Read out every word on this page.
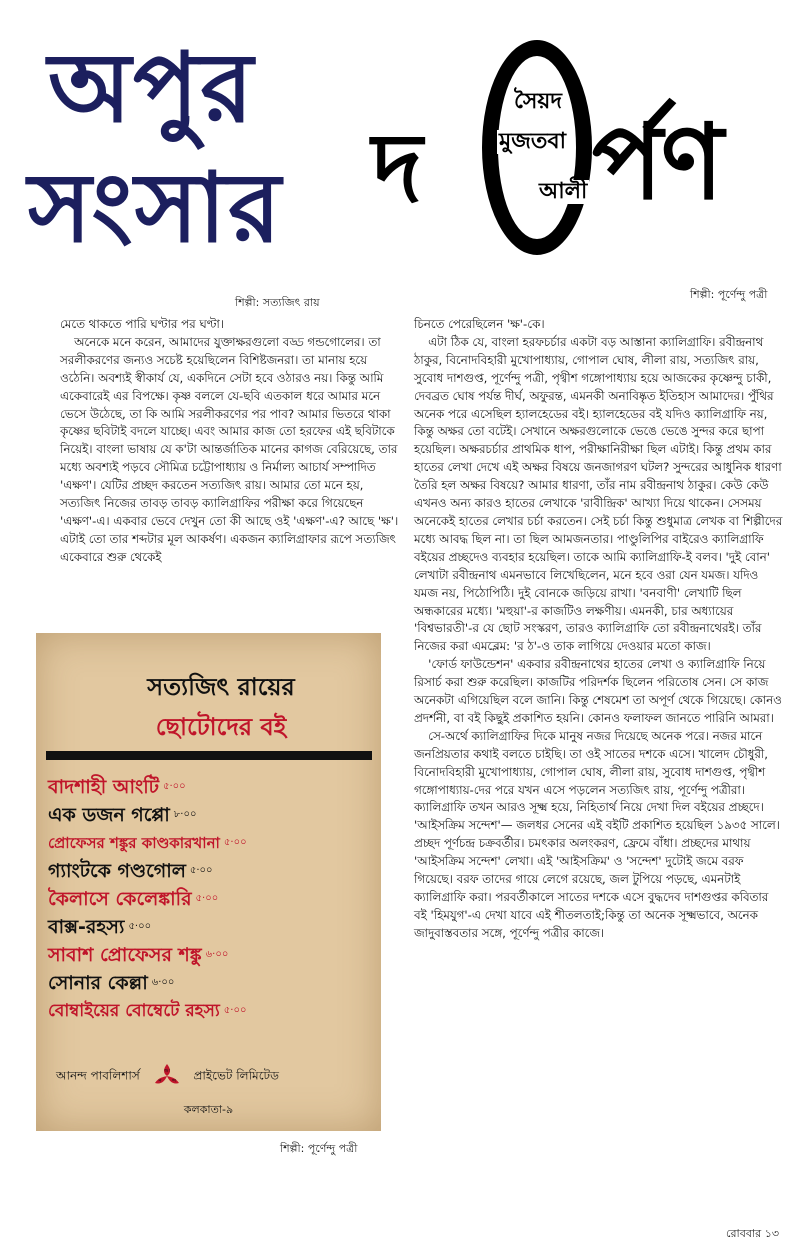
অপুর
সংসার
শিল্পী: সত্যজিৎ রায়
দ র্পণ
সৈয়দ
মুজতবা
আলী
শিল্পী: পূর্ণেন্দু পত্রী

মেতে থাকতে পারি ঘণ্টার পর ঘণ্টা।

অনেকে মনে করেন, আমাদের যুক্তাক্ষরগুলো বড্ড গন্ডগোলের। তা সরলীকরণের জন্যও সচেষ্ট হয়েছিলেন বিশিষ্টজনরা। তা মানায় হয়ে ওঠেনি। অবশ্যই স্বীকার্য যে, একদিনে সেটা হবে ওঠারও নয়। কিন্তু আমি একেবারেই এর বিপক্ষে। কৃষ্ণ বললে যে-ছবি এতকাল ধরে আমার মনে ভেসে উঠেছে, তা কি আমি সরলীকরণের পর পাব? আমার ভিতরে থাকা কৃষ্ণের ছবিটাই বদলে যাচ্ছে। এবং আমার কাজ তো হরফের এই ছবিটাকে নিয়েই। বাংলা ভাষায় যে ক'টা আন্তর্জাতিক মানের কাগজ বেরিয়েছে, তার মধ্যে অবশ্যই পড়বে সৌমিত্র চট্টোপাধ্যায় ও নির্মাল্য আচার্য সম্পাদিত 'এক্ষণ'। যেটির প্রচ্ছদ করতেন সত্যজিৎ রায়। আমার তো মনে হয়, সত্যজিৎ নিজের তাবড় তাবড় ক্যালিগ্রাফির পরীক্ষা করে গিয়েছেন 'এক্ষণ'-এ। একবার ভেবে দেখুন তো কী আছে ওই 'এক্ষণ'-এ? আছে 'ক্ষ'। এটাই তো তার শব্দটার মূল আকর্ষণ। একজন ক্যালিগ্রাফার রূপে সত্যজিৎ একেবারে শুরু থেকেই

সত্যজিৎ রায়ের
ছোটোদের বই
বাদশাহী আংটি $^{৫\cdot ০০}$
এক ডজন গপ্পো $^{৮\cdot ০০}$
প্রোফেসর শঙ্কুর কাণ্ডকারখানা $^{৫\cdot ০০}$
গ্যাংটকে গণ্ডগোল $^{৫\cdot ০০}$
কৈলাসে কেলেঙ্কারি $^{৫\cdot ০০}$
বাক্স-রহস্য $^{৫\cdot ০০}$
সাবাশ প্রোফেসর শঙ্কু $^{৬\cdot ০০}$
সোনার কেল্লা $^{৬\cdot ০০}$
বোম্বাইয়ের বোম্বেটে রহস্য $^{৫\cdot ০০}$
আনন্দ পাবলিশার্স	আ
ন ন্দ প্রাইভেট লিমিটেড
কলকাতা-৯
শিল্পী: পূর্ণেন্দু পত্রী

চিনতে পেরেছিলেন 'ক্ষ'-কে।

এটা ঠিক যে, বাংলা হরফচর্চার একটা বড় আস্তানা ক্যালিগ্রাফি। রবীন্দ্রনাথ ঠাকুর, বিনোদবিহারী মুখোপাধ্যায়, গোপাল ঘোষ, লীলা রায়, সত্যজিৎ রায়, সুবোধ দাশগুপ্ত, পূর্ণেন্দু পত্রী, পৃথ্বীশ গঙ্গোপাধ্যায় হয়ে আজকের কৃষ্ণেন্দু চাকী, দেবব্রত ঘোষ পর্যন্ত দীর্ঘ, অফুরন্ত, এমনকী অনাবিষ্কৃত ইতিহাস আমাদের। পুঁথির অনেক পরে এসেছিল হ্যালহেডের বই। হ্যালহেডের বই যদিও ক্যালিগ্রাফি নয়, কিন্তু অক্ষর তো বটেই। সেখানে অক্ষরগুলোকে ভেঙে ভেঙে সুন্দর করে ছাপা হয়েছিল। অক্ষরচর্চার প্রাথমিক ধাপ, পরীক্ষানিরীক্ষা ছিল এটাই। কিন্তু প্রথম কার হাতের লেখা দেখে এই অক্ষর বিষয়ে জনজাগরণ ঘটল? সুন্দরের আধুনিক ধারণা তৈরি হল অক্ষর বিষয়ে? আমার ধারণা, তাঁর নাম রবীন্দ্রনাথ ঠাকুর। কেউ কেউ এখনও অন্য কারও হাতের লেখাকে 'রাবীন্দ্রিক' আখ্যা দিয়ে থাকেন। সেসময় অনেকেই হাতের লেখার চর্চা করতেন। সেই চর্চা কিন্তু শুধুমাত্র লেখক বা শিল্পীদের মধ্যে আবদ্ধ ছিল না। তা ছিল আমজনতার। পাণ্ডুলিপির বাইরেও ক্যালিগ্রাফি বইয়ের প্রচ্ছদেও ব্যবহার হয়েছিল। তাকে আমি ক্যালিগ্রাফি-ই বলব। 'দুই বোন' লেখাটা রবীন্দ্রনাথ এমনভাবে লিখেছিলেন, মনে হবে ওরা যেন যমজ। যদিও যমজ নয়, পিঠোপিঠি। দুই বোনকে জড়িয়ে রাখা। 'বনবাণী' লেখাটি ছিল অন্ধকারের মধ্যে। 'মহুয়া'-র কাজটিও লক্ষণীয়। এমনকী, চার অধ্যায়ের 'বিশ্বভারতী'-র যে ছোট সংস্করণ, তারও ক্যালিগ্রাফি তো রবীন্দ্রনাথেরই। তাঁর নিজের করা এমব্লেম: 'র ঠ'-ও তাক লাগিয়ে দেওয়ার মতো কাজ।

'ফোর্ড ফাউন্ডেশন' একবার রবীন্দ্রনাথের হাতের লেখা ও ক্যালিগ্রাফি নিয়ে রিসার্চ করা শুরু করেছিল। কাজটির পরিদর্শক ছিলেন পরিতোষ সেন। সে কাজ অনেকটা এগিয়েছিল বলে জানি। কিন্তু শেষমেশ তা অপূর্ণ থেকে গিয়েছে। কোনও প্রদর্শনী, বা বই কিছুই প্রকাশিত হয়নি। কোনও ফলাফল জানতে পারিনি আমরা।

সে-অর্থে ক্যালিগ্রাফির দিকে মানুষ নজর দিয়েছে অনেক পরে। নজর মানে জনপ্রিয়তার কথাই বলতে চাইছি। তা ওই সাতের দশকে এসে। খালেদ চৌধুরী, বিনোদবিহারী মুখোপাধ্যায়, গোপাল ঘোষ, লীলা রায়, সুবোধ দাশগুপ্ত, পৃথ্বীশ গঙ্গোপাধ্যায়-দের পরে যখন এসে পড়লেন সত্যজিৎ রায়, পূর্ণেন্দু পত্রীরা। ক্যালিগ্রাফি তখন আরও সূক্ষ্ম হয়ে, নিহিতার্থ নিয়ে দেখা দিল বইয়ের প্রচ্ছদে। 'আইসক্রিম সন্দেশ'— জলধর সেনের এই বইটি প্রকাশিত হয়েছিল ১৯৩৫ সালে। প্রচ্ছদ পূর্ণচন্দ্র চক্রবর্তীর। চমৎকার অলংকরণ, ফ্রেমে বাঁধা। প্রচ্ছদের মাথায় 'আইসক্রিম সন্দেশ' লেখা। এই 'আইসক্রিম' ও 'সন্দেশ' দুটোই জমে বরফ গিয়েছে। বরফ তাদের গায়ে লেগে রয়েছে, জল টুপিয়ে পড়ছে, এমনটাই ক্যালিগ্রাফি করা। পরবর্তীকালে সাতের দশকে এসে বুদ্ধদেব দাশগুপ্তর কবিতার বই 'হিমযুগ'-এ দেখা যাবে এই শীতলতাই;কিন্তু তা অনেক সূক্ষ্মভাবে, অনেক জাদুবাস্তবতার সঙ্গে, পূর্ণেন্দু পত্রীর কাজে।

রোববার ১৩
